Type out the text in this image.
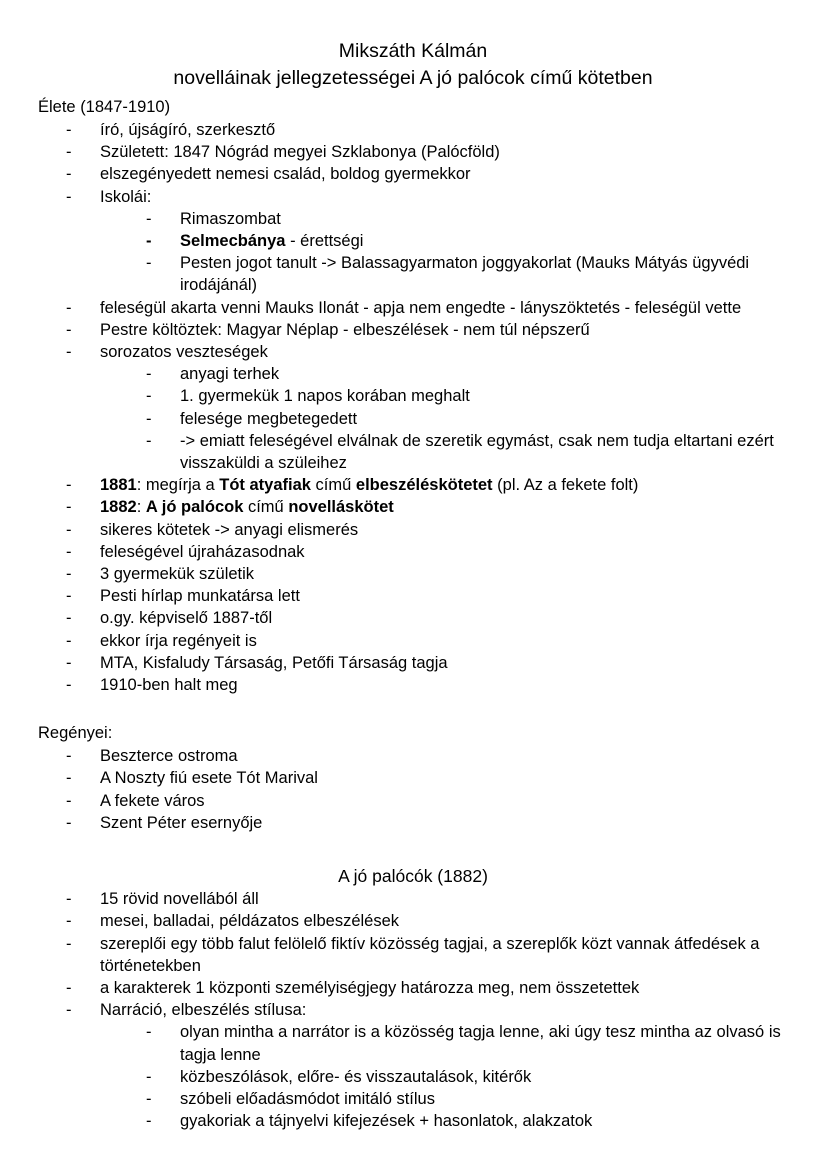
Mikszáth Kálmán
novelláinak jellegzetességei A jó palócok című kötetben
Élete (1847-1910)
-	író, újságíró, szerkesztő
-	Született: 1847 Nógrád megyei Szklabonya (Palócföld)
-	elszegényedett nemesi család, boldog gyermekkor
-	Iskolái:
-	Rimaszombat
-	Selmecbánya - érettségi
-	Pesten jogot tanult -> Balassagyarmaton joggyakorlat (Mauks Mátyás ügyvédi irodájánál)
-	feleségül akarta venni Mauks Ilonát - apja nem engedte - lányszöktetés - feleségül vette
-	Pestre költöztek: Magyar Néplap - elbeszélések - nem túl népszerű
-	sorozatos veszteségek
-	anyagi terhek
-	1. gyermekük 1 napos korában meghalt
-	felesége megbetegedett
-	-> emiatt feleségével elválnak de szeretik egymást, csak nem tudja eltartani ezért visszaküldi a szüleihez
-	1881: megírja a Tót atyafiak című elbeszéléskötetet (pl. Az a fekete folt)
-	1882: A jó palócok című novelláskötet
-	sikeres kötetek -> anyagi elismerés
-	feleségével újraházasodnak
-	3 gyermekük születik
-	Pesti hírlap munkatársa lett
-	o.gy. képviselő 1887-től
-	ekkor írja regényeit is
-	MTA, Kisfaludy Társaság, Petőfi Társaság tagja
-	1910-ben halt meg
Regényei:
-	Beszterce ostroma
-	A Noszty fiú esete Tót Marival
-	A fekete város
-	Szent Péter esernyője
A jó palócók (1882)
-	15 rövid novellából áll
-	mesei, balladai, példázatos elbeszélések
-	szereplői egy több falut felölelő fiktív közösség tagjai, a szereplők közt vannak átfedések a történetekben
-	a karakterek 1 központi személyiségjegy határozza meg, nem összetettek
-	Narráció, elbeszélés stílusa:
-	olyan mintha a narrátor is a közösség tagja lenne, aki úgy tesz mintha az olvasó is tagja lenne
-	közbeszólások, előre- és visszautalások, kitérők
-	szóbeli előadásmódot imitáló stílus
-	gyakoriak a tájnyelvi kifejezések + hasonlatok, alakzatok
